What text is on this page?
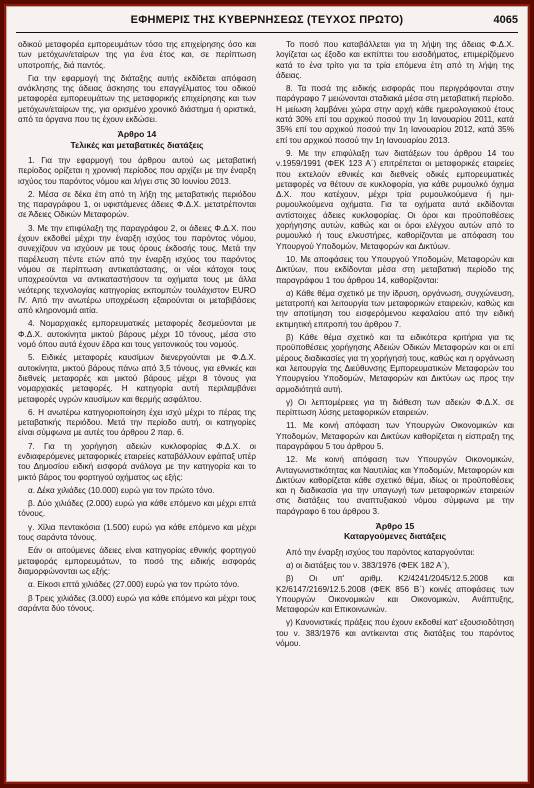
ΕΦΗΜΕΡΙΣ ΤΗΣ ΚΥΒΕΡΝΗΣΕΩΣ (ΤΕΥΧΟΣ ΠΡΩΤΟ)	4065

οδικού μεταφορέα εμπορευμάτων τόσο της επιχείρησης όσο και των μετόχων/εταίρων της για ένα έτος και, σε περίπτωση υποτροπής, διά παντός.

Για την εφαρμογή της διάταξης αυτής εκδίδεται απόφαση ανάκλησης της άδειας άσκησης του επαγγέλματος του οδικού μεταφορέα εμπορευμάτων της μεταφορικής επιχείρησης και των μετόχων/εταίρων της, για ορισμένο χρονικό διάστημα ή οριστικά, από τα όργανα που τις έχουν εκδώσει.

Άρθρο 14
Τελικές και μεταβατικές διατάξεις

1. Για την εφαρμογή του άρθρου αυτού ως μεταβατική περίοδος ορίζεται η χρονική περίοδος που αρχίζει με την έναρξη ισχύος του παρόντος νόμου και λήγει στις 30 Ιουνίου 2013.

2. Μέσα σε δέκα έτη από τη λήξη της μεταβατικής περιόδου της παραγράφου 1, οι υφιστάμενες άδειες Φ.Δ.Χ. μετατρέπονται σε Άδειες Οδικών Μεταφορών.

3. Με την επιφύλαξη της παραγράφου 2, οι άδειες Φ.Δ.Χ. που έχουν εκδοθεί μέχρι την έναρξη ισχύος του παρόντος νόμου, συνεχίζουν να ισχύουν με τους όρους έκδοσής τους. Μετά την παρέλευση πέντε ετών από την έναρξη ισχύος του παρόντος νόμου σε περίπτωση αντικατάστασης, οι νέοι κάτοχοι τους υποχρεούνται να αντικαταστήσουν τα οχήματα τους με άλλα νεότερης τεχνολογίας κατηγορίας εκπομπών τουλάχιστον EURO IV. Από την ανωτέρω υποχρέωση εξαιρούνται οι μεταβιβάσεις από κληρονομιά αιτία.

4. Νομαρχιακές εμπορευματικές μεταφορές δεσμεύονται με Φ.Δ.Χ. αυτοκίνητα μικτού βάρους μέχρι 10 τόνους, μέσα στο νομό όπου αυτά έχουν έδρα και τους γειτονικούς του νομούς.

5. Ειδικές μεταφορές καυσίμων διενεργούνται με Φ.Δ.Χ. αυτοκίνητα, μικτού βάρους πάνω από 3,5 τόνους, για εθνικές και διεθνείς μεταφορές και μικτού βάρους μέχρι 8 τόνους για νομαρχιακές μεταφορές. Η κατηγορία αυτή περιλαμβάνει μεταφορές υγρών καυσίμων και θερμής ασφάλτου.

6. Η ανωτέρω κατηγοριοποίηση έχει ισχύ μέχρι το πέρας της μεταβατικής περιόδου. Μετά την περίοδο αυτή, οι κατηγορίες είναι σύμφωνα με αυτές του άρθρου 2 παρ. 6.

7. Για τη χορήγηση αδειών κυκλοφορίας Φ.Δ.Χ. οι ενδιαφερόμενες μεταφορικές εταιρείες καταβάλλουν εφάπαξ υπέρ του Δημοσίου ειδική εισφορά ανάλογα με την κατηγορία και το μικτό βάρος του φορτηγού οχήματος ως εξής:

α. Δέκα χιλιάδες (10.000) ευρώ για τον πρώτο τόνο.

β. Δύο χιλιάδες (2.000) ευρώ για κάθε επόμενο και μέχρι επτά τόνους.

γ. Χίλια πεντακόσια (1.500) ευρώ για κάθε επόμενο και μέχρι τους σαράντα τόνους.

Εάν οι αιτούμενες άδειες είναι κατηγορίας εθνικής φορτηγού μεταφοράς εμπορευμάτων, το ποσό της ειδικής εισφοράς διαμορφώνονται ως εξής:

α. Είκοσι επτά χιλιάδες (27.000) ευρώ για τον πρώτο τόνο.

β Τρεις χιλιάδες (3.000) ευρώ για κάθε επόμενο και μέχρι τους σαράντα δύο τόνους.

Το ποσό που καταβάλλεται για τη λήψη της άδειας Φ.Δ.Χ. λογίζεται ως έξοδο και εκπίπτει του εισοδήματος, επιμερίζόμενο κατά το ένα τρίτο για τα τρία επόμενα έτη από τη λήψη της άδειας.

8. Τα ποσά της ειδικής εισφοράς που περιγράφονται στην παράγραφο 7 μειώνονται σταδιακά μέσα στη μεταβατική περίοδο. Η μείωση λαμβάνει χώρα στην αρχή κάθε ημερολογιακού έτους κατά 30% επί του αρχικού ποσού την 1η Ιανουαρίου 2011, κατά 35% επί του αρχικού ποσού την 1η Ιανουαρίου 2012, κατά 35% επί του αρχικού ποσού την 1η Ιανουαρίου 2013.

9. Με την επιφύλαξη των διατάξεων του άρθρου 14 του ν.1959/1991 (ΦΕΚ 123 Α΄) επιτρέπεται οι μεταφορικές εταιρείες που εκτελούν εθνικές και διεθνείς οδικές εμπορευματικές μεταφορές να θέτουν σε κυκλοφορία, για κάθε ρυμουλκό όχημα Δ.Χ. που κατέχουν, μέχρι τρία ρυμουλκούμενα ή ημι-ρυμουλκούμενα οχήματα. Για τα οχήματα αυτά εκδίδονται αντίστοιχες άδειες κυκλοφορίας. Οι όροι και προϋποθέσεις χορήγησης αυτών, καθώς και οι όροι ελέγχου αυτών από το ρυμουλκό ή τους ελκυστήρες, καθορίζονται με απόφαση του Υπουργού Υποδομών, Μεταφορών και Δικτύων.

10. Με αποφάσεις του Υπουργού Υποδομών, Μεταφορών και Δικτύων, που εκδίδονται μέσα στη μεταβατική περίοδο της παραγράφου 1 του άρθρου 14, καθορίζονται:

α) Κάθε θέμα σχετικό με την ίδρυση, οργάνωση, συγχώνευση, μετατροπή και λειτουργία των μεταφορικών εταιρειών, καθώς και την αποτίμηση του εισφερόμενου κεφαλαίου από την ειδική εκτιμητική επιτροπή του άρθρου 7.

β) Κάθε θέμα σχετικό και τα ειδικότερα κριτήρια για τις προϋποθέσεις χορήγησης Αδειών Οδικών Μεταφορών και οι επί μέρους διαδικασίες για τη χορήγησή τους, καθώς και η οργάνωση και λειτουργία της Διεύθυνσης Εμπορευματικών Μεταφορών του Υπουργείου Υποδομών, Μεταφορών και Δικτύων ως προς την αρμοδιότητά αυτή.

γ) Οι λεπτομέρειες για τη διάθεση των αδειών Φ.Δ.Χ. σε περίπτωση λύσης μεταφορικών εταιρειών.

11. Με κοινή απόφαση των Υπουργών Οικονομικών και Υποδομών, Μεταφορών και Δικτύων καθορίζεται η είσπραξη της παραγράφου 5 του άρθρου 5.

12. Με κοινή απόφαση των Υπουργών Οικονομικών, Ανταγωνιστικότητας και Ναυτιλίας και Υποδομών, Μεταφορών και Δικτύων καθορίζεται κάθε σχετικό θέμα, ιδίως οι προϋποθέσεις και η διαδικασία για την υπαγωγή των μεταφορικών εταιρειών στις διατάξεις του αναπτυξιακού νόμου σύμφωνα με την παράγραφο 6 του άρθρου 3.

Άρθρο 15
Καταργούμενες διατάξεις

Από την έναρξη ισχύος του παρόντος καταργούνται:

α) οι διατάξεις του ν. 383/1976 (ΦΕΚ 182 Α΄),

β) Οι υπ' αριθμ. Κ2/4241/2045/12.5.2008 και Κ2/6147/2169/12.5.2008 (ΦΕΚ 856 Β΄) κοινές αποφάσεις των Υπουργών Οικονομικών και Οικονομικών, Ανάπτυξης, Μεταφορών και Επικοινωνιών.

γ) Κανονιστικές πράξεις που έχουν εκδοθεί κατ' εξουσιοδότηση του ν. 383/1976 και αντίκεινται στις διατάξεις του παρόντος νόμου.
